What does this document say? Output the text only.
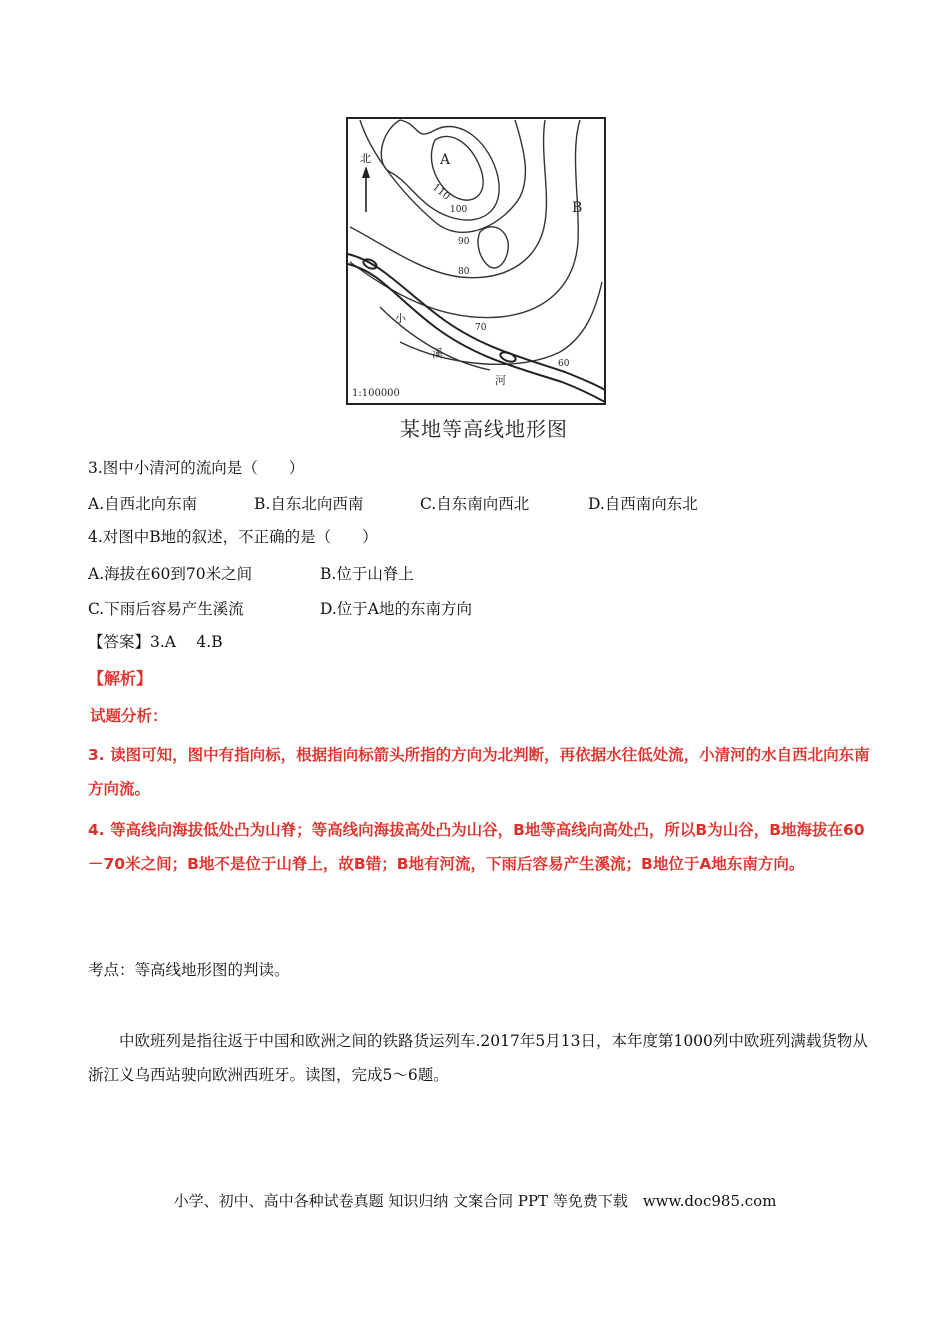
北	A
B
110
100
90
80
70
60
小
溪
河
1:100000
某地等高线地形图
3.图中小清河的流向是（　　）
A.自西北向东南	B.自东北向西南	C.自东南向西北	D.自西南向东北
4.对图中B地的叙述，不正确的是（　　）
A.海拔在60到70米之间	B.位于山脊上
C.下雨后容易产生溪流	D.位于A地的东南方向
【答案】3.A　 4.B
【解析】
试题分析：
3. 读图可知，图中有指向标，根据指向标箭头所指的方向为北判断，再依据水往低处流，小清河的水自西北向东南方向流。
4. 等高线向海拔低处凸为山脊；等高线向海拔高处凸为山谷，B地等高线向高处凸，所以B为山谷，B地海拔在60－70米之间；B地不是位于山脊上，故B错；B地有河流，下雨后容易产生溪流；B地位于A地东南方向。
考点：等高线地形图的判读。
中欧班列是指往返于中国和欧洲之间的铁路货运列车.2017年5月13日，本年度第1000列中欧班列满载货物从浙江义乌西站驶向欧洲西班牙。读图，完成5～6题。
小学、初中、高中各种试卷真题 知识归纳 文案合同 PPT 等免费下载　www.doc985.com
